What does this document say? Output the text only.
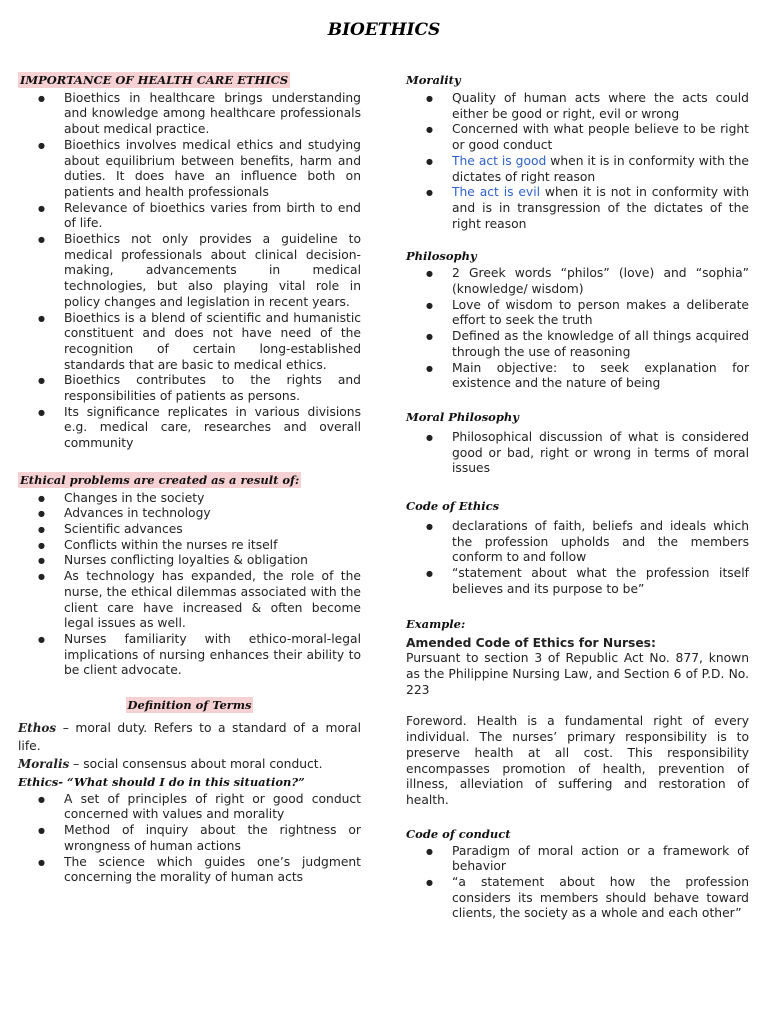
BIOETHICS
IMPORTANCE OF HEALTH CARE ETHICS
● Bioethics in healthcare brings understanding and knowledge among healthcare professionals about medical practice.
● Bioethics involves medical ethics and studying about equilibrium between benefits, harm and duties. It does have an influence both on patients and health professionals
● Relevance of bioethics varies from birth to end of life.
● Bioethics not only provides a guideline to medical professionals about clinical decision-making, advancements in medical technologies, but also playing vital role in policy changes and legislation in recent years.
● Bioethics is a blend of scientific and humanistic constituent and does not have need of the recognition of certain long-established standards that are basic to medical ethics.
● Bioethics contributes to the rights and responsibilities of patients as persons.
● Its significance replicates in various divisions e.g. medical care, researches and overall community
Ethical problems are created as a result of:
● Changes in the society
● Advances in technology
● Scientific advances
● Conflicts within the nurses re itself
● Nurses conflicting loyalties & obligation
● As technology has expanded, the role of the nurse, the ethical dilemmas associated with the client care have increased & often become legal issues as well.
● Nurses familiarity with ethico-moral-legal implications of nursing enhances their ability to be client advocate.
Definition of Terms

Ethos – moral duty. Refers to a standard of a moral life.

Moralis – social consensus about moral conduct.

Ethics- “What should I do in this situation?”
● A set of principles of right or good conduct concerned with values and morality
● Method of inquiry about the rightness or wrongness of human actions
● The science which guides one’s judgment concerning the morality of human acts
Morality
● Quality of human acts where the acts could either be good or right, evil or wrong
● Concerned with what people believe to be right or good conduct
● The act is good when it is in conformity with the dictates of right reason
● The act is evil when it is not in conformity with and is in transgression of the dictates of the right reason
Philosophy
● 2 Greek words “philos” (love) and “sophia” (knowledge/ wisdom)
● Love of wisdom to person makes a deliberate effort to seek the truth
● Defined as the knowledge of all things acquired through the use of reasoning
● Main objective: to seek explanation for existence and the nature of being
Moral Philosophy
● Philosophical discussion of what is considered good or bad, right or wrong in terms of moral issues
Code of Ethics
● declarations of faith, beliefs and ideals which the profession upholds and the members conform to and follow
● “statement about what the profession itself believes and its purpose to be”
Example:
Amended Code of Ethics for Nurses:

Pursuant to section 3 of Republic Act No. 877, known as the Philippine Nursing Law, and Section 6 of P.D. No. 223

Foreword. Health is a fundamental right of every individual. The nurses’ primary responsibility is to preserve health at all cost. This responsibility encompasses promotion of health, prevention of illness, alleviation of suffering and restoration of health.

Code of conduct
● Paradigm of moral action or a framework of behavior
● “a statement about how the profession considers its members should behave toward clients, the society as a whole and each other”
